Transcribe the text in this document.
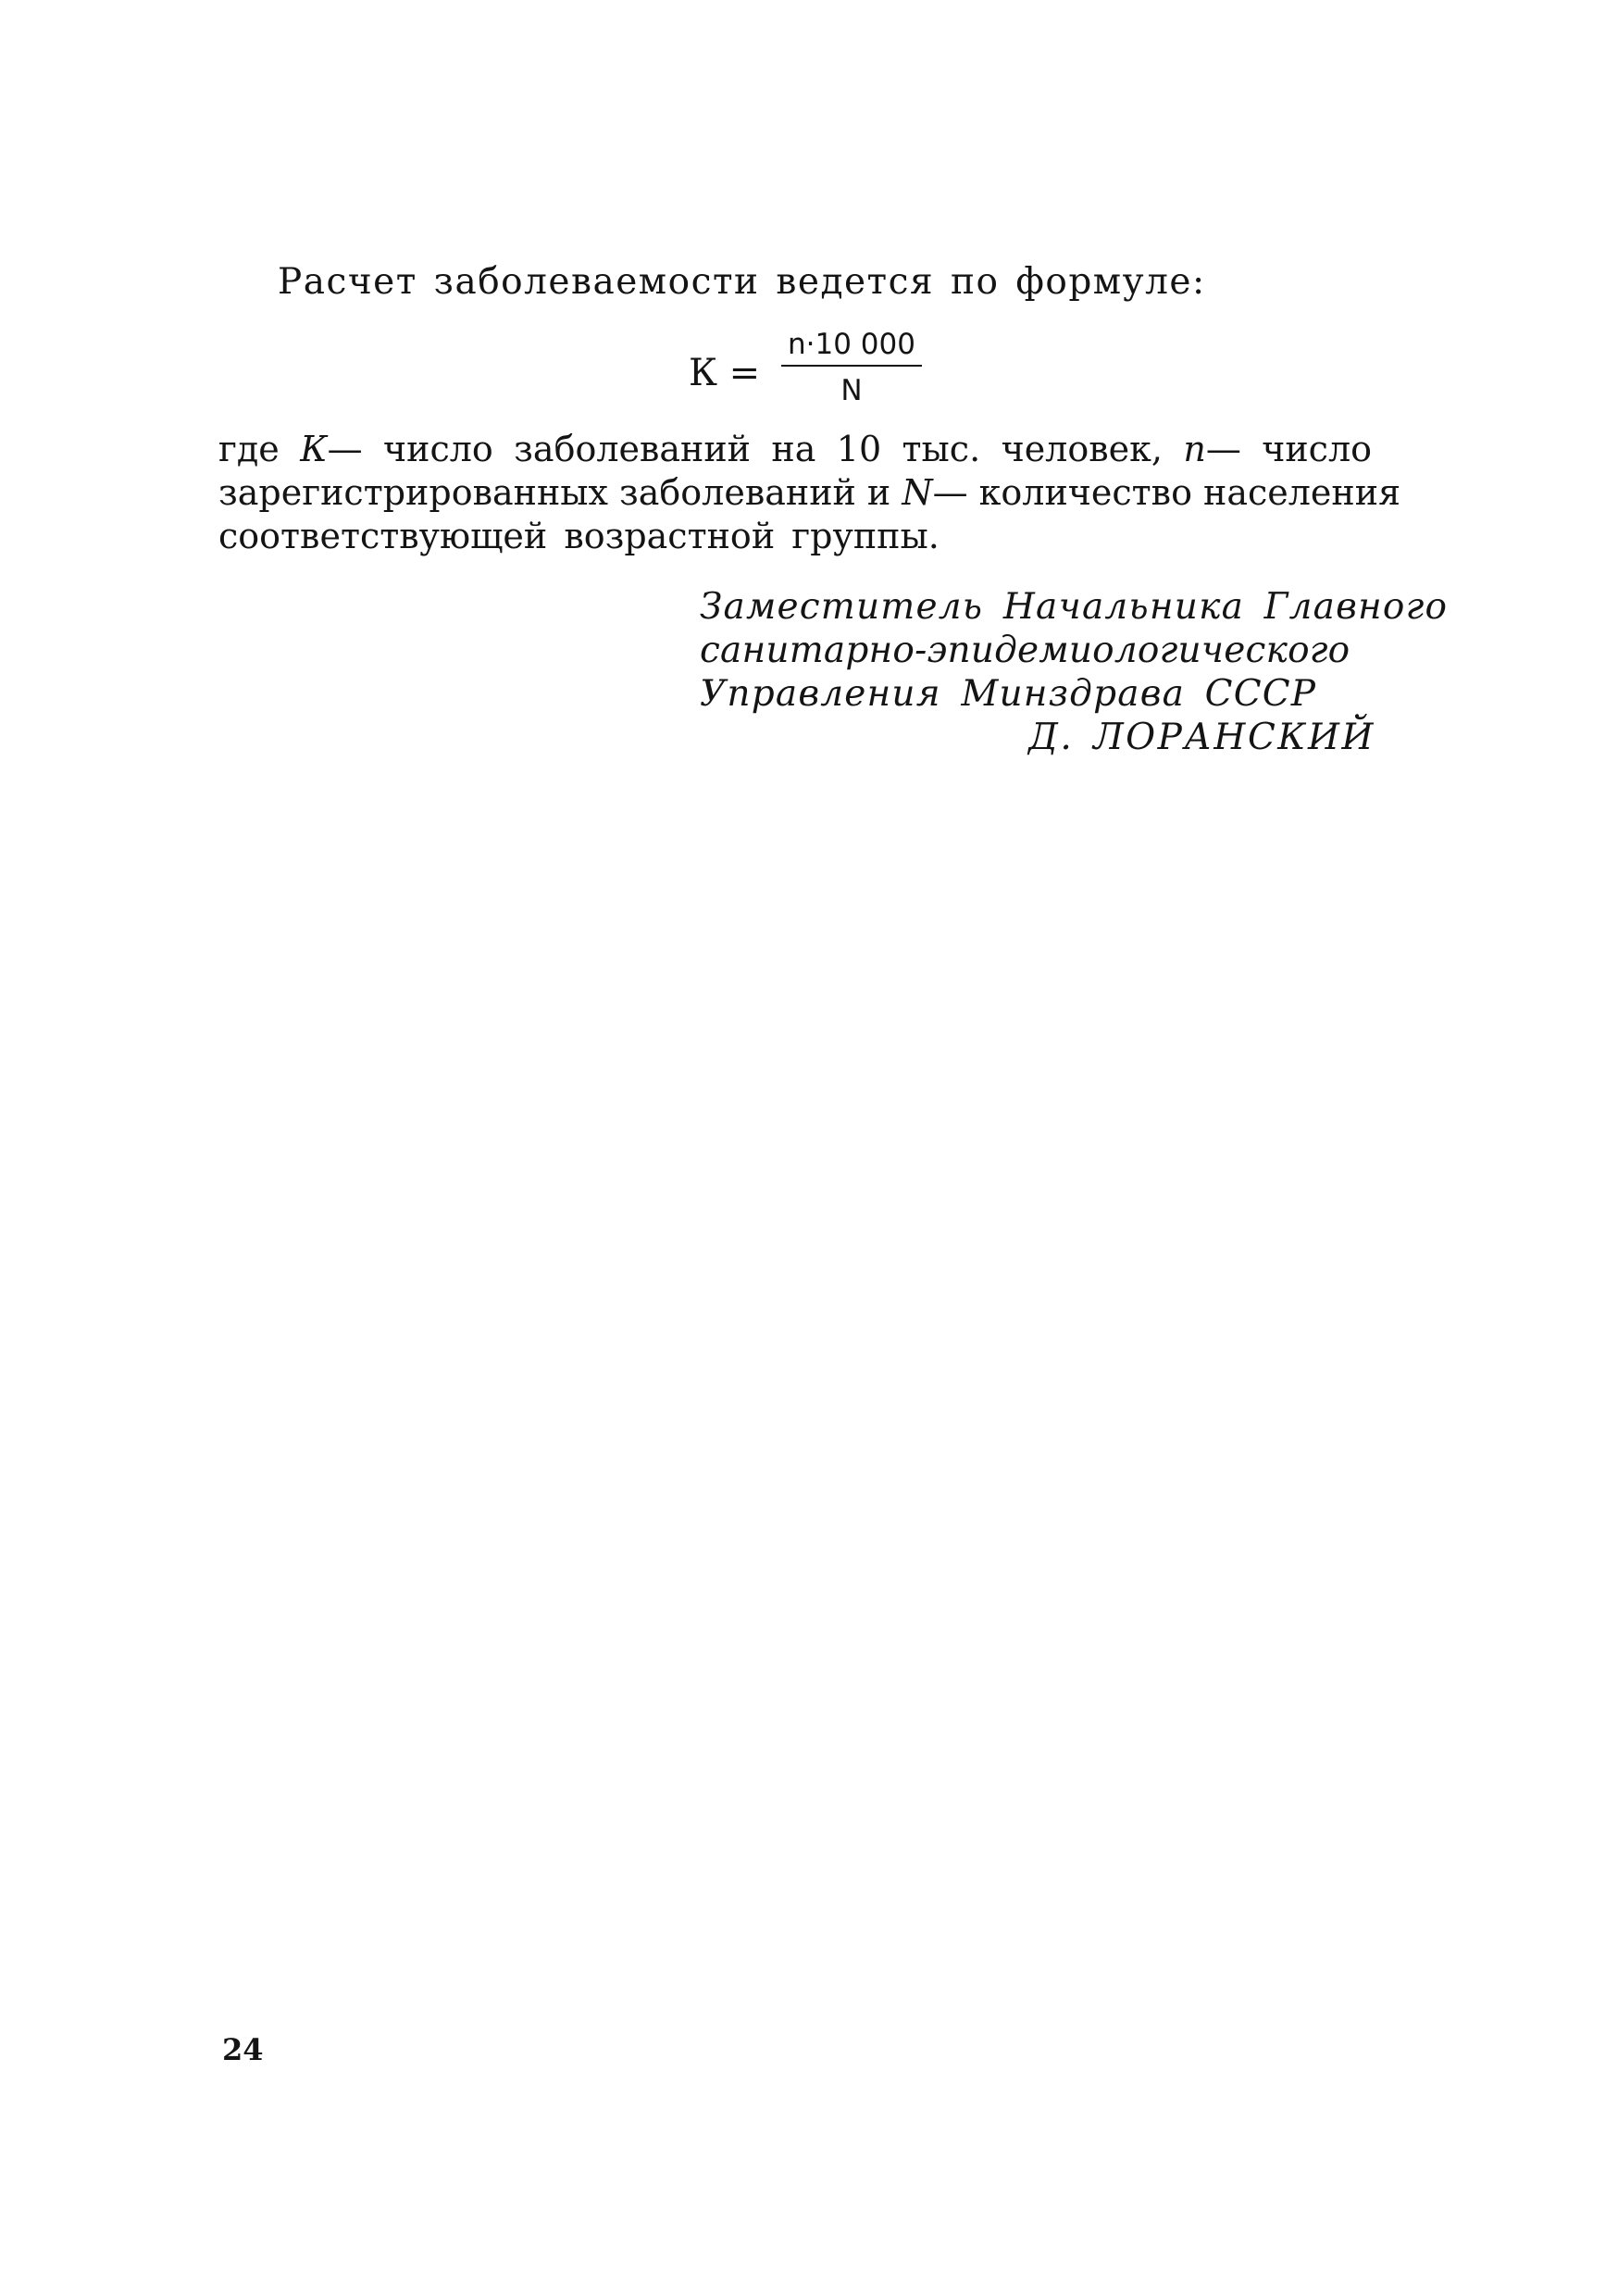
Расчет заболеваемости ведется по формуле:
К =
n·10 000
N
где К— число заболеваний на 10 тыс. человек, n— число
зарегистрированных заболеваний и N— количество населения
соответствующей возрастной группы.
Заместитель Начальника Главного
санитарно-эпидемиологического
Управления Минздрава СССР
Д. ЛОРАНСКИЙ
24
